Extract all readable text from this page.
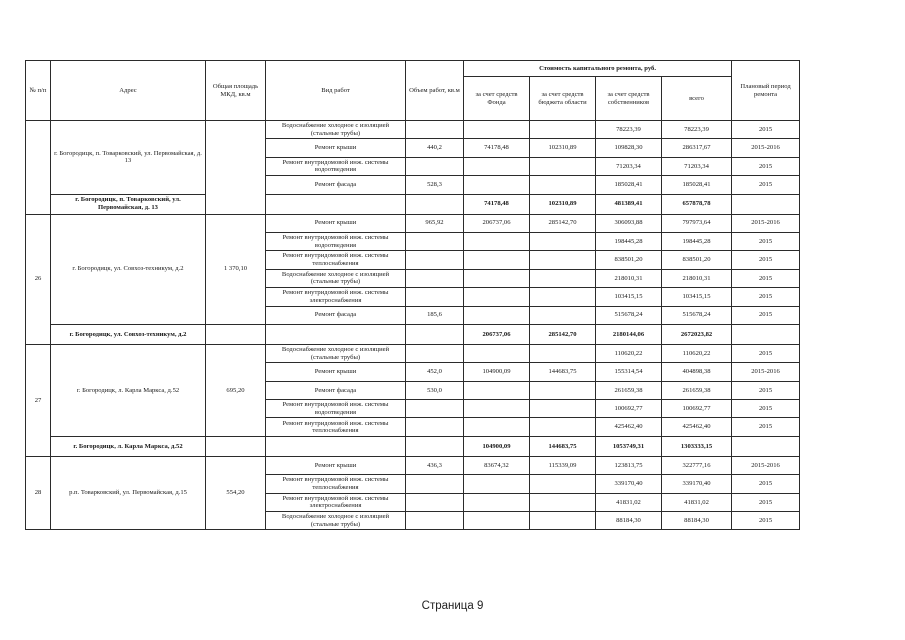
№ п/п	Адрес	Общая площадь МКД, кв.м	Вид работ	Объем работ, кв.м	Стоимость капитального ремонта, руб.				Плановый период ремонта
					за счет средств Фонда	за счет средств бюджета области	за счет средств собственников	всего	
	г. Богородицк, п. Товарковский, ул. Первомайская, д. 13		Водоснабжение холодное с изоляцией (стальные трубы)				78223,39	78223,39	2015
			Ремонт крыши	440,2	74178,48	102310,89	109828,30	286317,67	2015-2016
			Ремонт внутридомовой инж. системы водоотведения				71203,34	71203,34	2015
			Ремонт фасада	528,3			185028,41	185028,41	2015
	г. Богородицк, п. Товарковский, ул. Первомайская, д. 13				74178,48	102310,89	481389,41	657878,78	
26	г. Богородицк, ул. Совхоз-техникум, д.2	1 370,10	Ремонт крыши	965,92	206737,06	285142,70	306093,88	797973,64	2015-2016
			Ремонт внутридомовой инж. системы водоотведения				198445,28	198445,28	2015
			Ремонт внутридомовой инж. системы теплоснабжения				838501,20	838501,20	2015
			Водоснабжение холодное с изоляцией (стальные трубы)				218010,31	218010,31	2015
			Ремонт внутридомовой инж. системы электроснабжения				103415,15	103415,15	2015
			Ремонт фасада	185,6			515678,24	515678,24	2015
	г. Богородицк, ул. Совхоз-техникум, д.2				206737,06	285142,70	2180144,06	2672023,82	
27	г. Богородицк, л. Карла Маркса, д.52	695,20	Водоснабжение холодное с изоляцией (стальные трубы)				110620,22	110620,22	2015
			Ремонт крыши	452,0	104900,09	144683,75	155314,54	404898,38	2015-2016
			Ремонт фасада	530,0			261659,38	261659,38	2015
			Ремонт внутридомовой инж. системы водоотведения				100692,77	100692,77	2015
			Ремонт внутридомовой инж. системы теплоснабжения				425462,40	425462,40	2015
	г. Богородицк, л. Карла Маркса, д.52				104900,09	144683,75	1053749,31	1303333,15	
28	р.п. Товарковский, ул. Первомайская, д.15	554,20	Ремонт крыши	436,3	83674,32	115339,09	123813,75	322777,16	2015-2016
			Ремонт внутридомовой инж. системы теплоснабжения				339170,40	339170,40	2015
			Ремонт внутридомовой инж. системы электроснабжения				41831,02	41831,02	2015
			Водоснабжение холодное с изоляцией (стальные трубы)				88184,30	88184,30	2015
Страница 9
